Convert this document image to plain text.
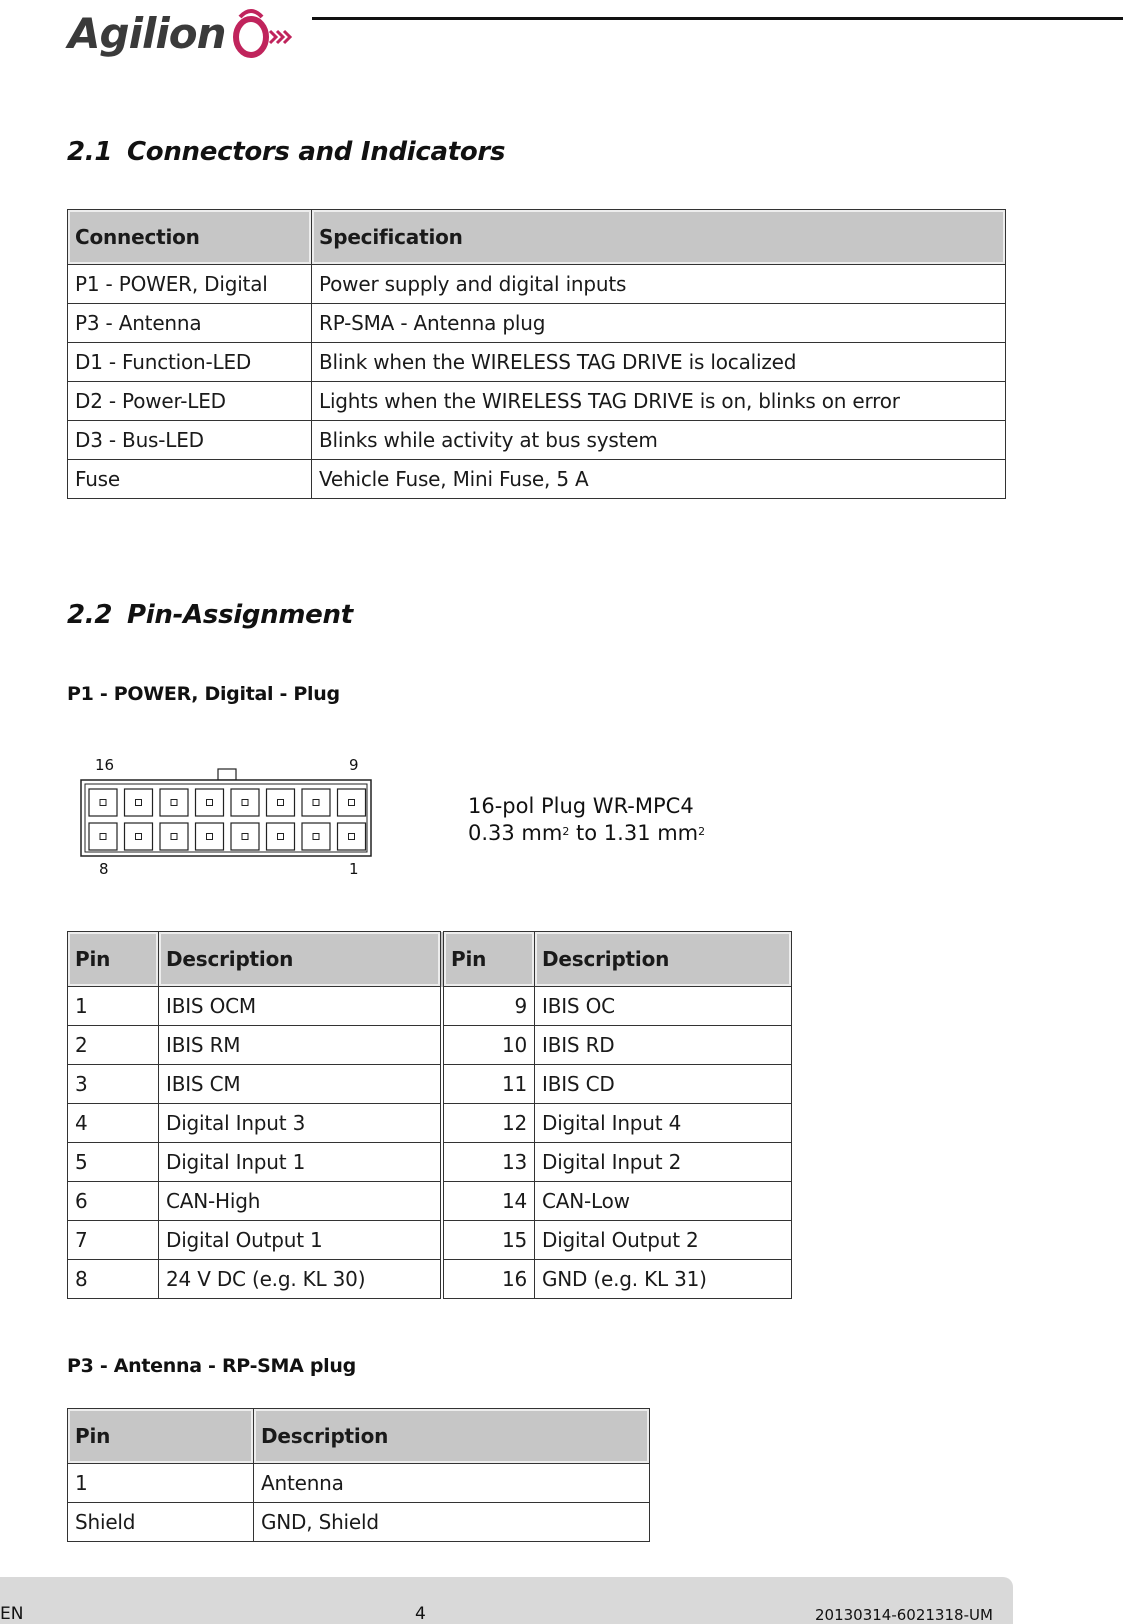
Agilion
2.1 Connectors and Indicators
Connection	Specification
P1 - POWER, Digital	Power supply and digital inputs
P3 - Antenna	RP-SMA - Antenna plug
D1 - Function-LED	Blink when the WIRELESS TAG DRIVE is localized
D2 - Power-LED	Lights when the WIRELESS TAG DRIVE is on, blinks on error
D3 - Bus-LED	Blinks while activity at bus system
Fuse	Vehicle Fuse, Mini Fuse, 5 A
2.2 Pin-Assignment
P1 - POWER, Digital - Plug
16	9
8	1
16-pol Plug WR-MPC4
0.33 $mm^2$ to 1.31 $mm^2$
Pin	Description	Pin	Description
1	IBIS OCM	9	IBIS OC
2	IBIS RM	10	IBIS RD
3	IBIS CM	11	IBIS CD
4	Digital Input 3	12	Digital Input 4
5	Digital Input 1	13	Digital Input 2
6	CAN-High	14	CAN-Low
7	Digital Output 1	15	Digital Output 2
8	24 V DC (e.g. KL 30)	16	GND (e.g. KL 31)
P3 - Antenna - RP-SMA plug
Pin	Description
1	Antenna
Shield	GND, Shield
EN	4	20130314-6021318-UM
